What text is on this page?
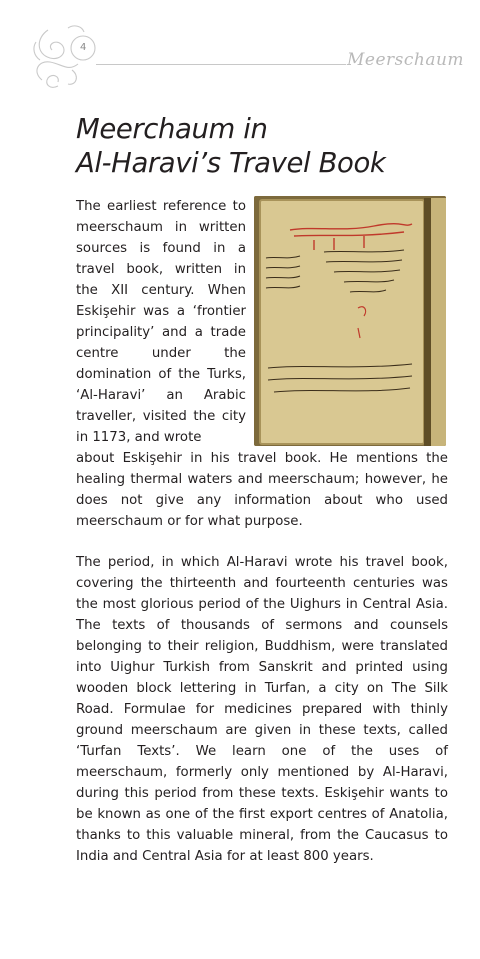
4
Meerschaum
Meerchaum in
Al-Haravi’s Travel Book

The earliest reference to meerschaum in written sources is found in a travel book, written in the XII century. When Eskişehir was a ‘frontier principality’ and a trade centre under the domination of the Turks, ‘Al-Haravi’ an Arabic traveller, visited the city in 1173, and wrote

about Eskişehir in his travel book. He mentions the healing thermal waters and meerschaum; however, he does not give any information about who used meerschaum or for what purpose.

The period, in which Al-Haravi wrote his travel book, covering the thirteenth and fourteenth centuries was the most glorious period of the Uighurs in Central Asia. The texts of thousands of sermons and counsels belonging to their religion, Buddhism, were translated into Uighur Turkish from Sanskrit and printed using wooden block lettering in Turfan, a city on The Silk Road. Formulae for medicines prepared with thinly ground meerschaum are given in these texts, called ‘Turfan Texts’. We learn one of the uses of meerschaum, formerly only mentioned by Al-Haravi, during this period from these texts. Eskişehir wants to be known as one of the first export centres of Anatolia, thanks to this valuable mineral, from the Caucasus to India and Central Asia for at least 800 years.
